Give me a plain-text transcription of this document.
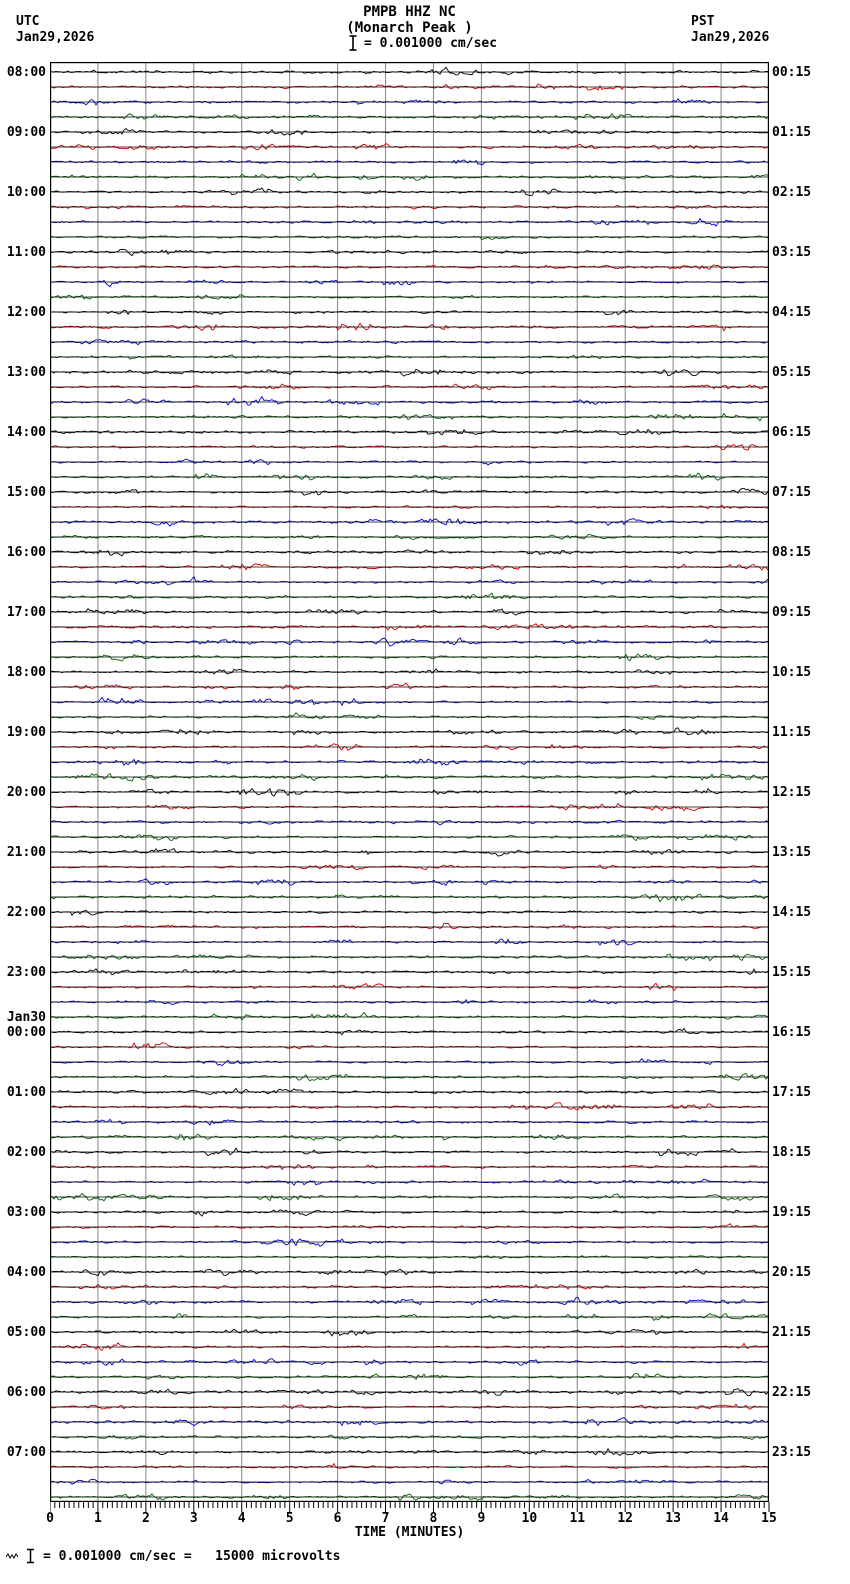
PMPB HHZ NC
(Monarch Peak )
UTC
Jan29,2026
PST
Jan29,2026
= 0.001000 cm/sec
08:00
09:00
10:00
11:00
12:00
13:00
14:00
15:00
16:00
17:00
18:00
19:00
20:00
21:00
22:00
23:00
00:00
01:00
02:00
03:00
04:00
05:00
06:00
07:00
Jan30
00:15
01:15
02:15
03:15
04:15
05:15
06:15
07:15
08:15
09:15
10:15
11:15
12:15
13:15
14:15
15:15
16:15
17:15
18:15
19:15
20:15
21:15
22:15
23:15
0	1	2	3	4	5	6	7	8	9	10	11	12	13	14	15
TIME (MINUTES)
= 0.001000 cm/sec =   15000 microvolts
